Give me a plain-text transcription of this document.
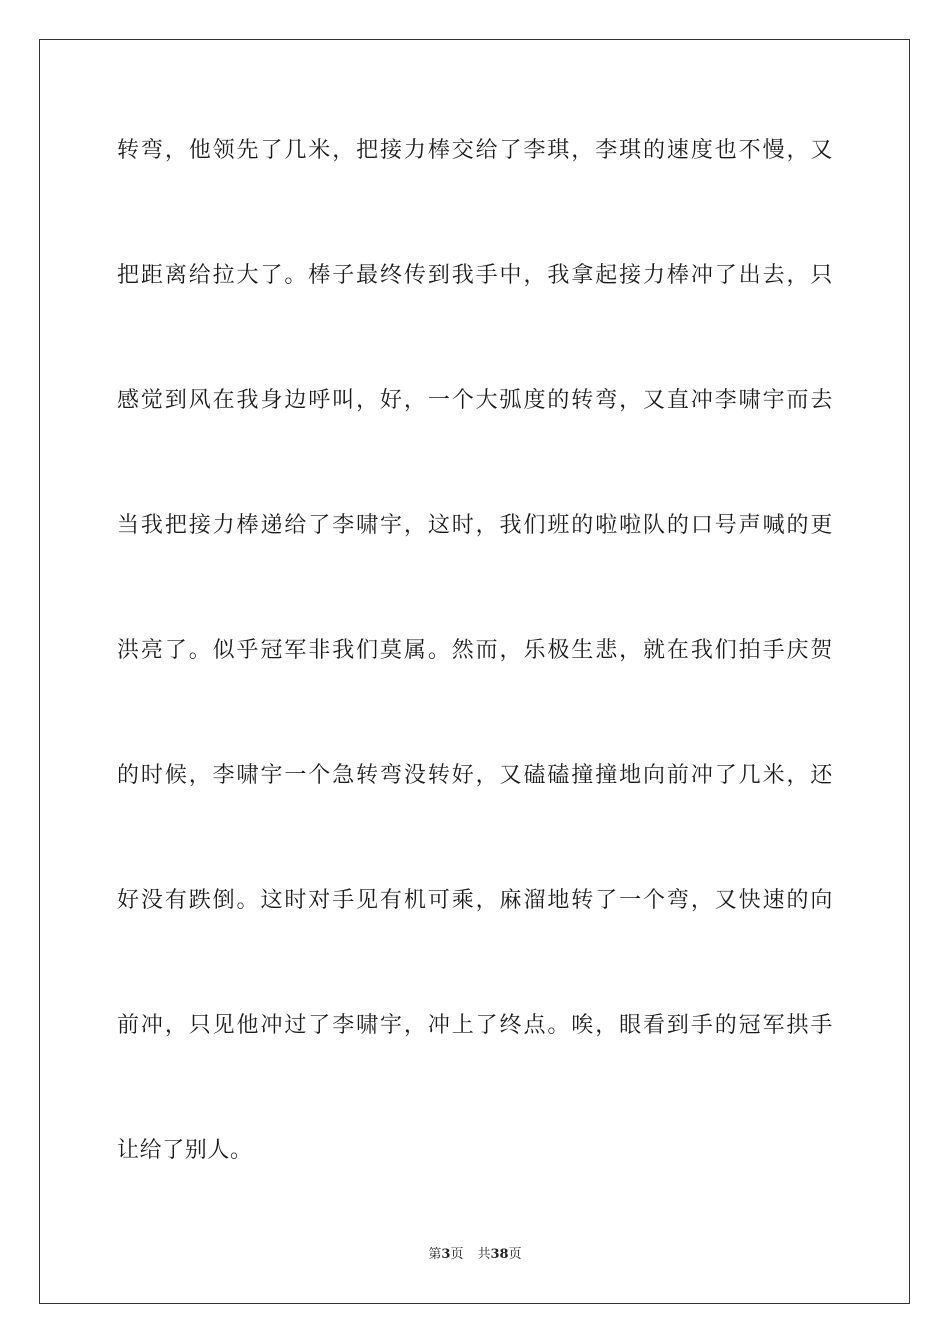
转弯，他领先了几米，把接力棒交给了李琪，李琪的速度也不慢，又
把距离给拉大了。棒子最终传到我手中，我拿起接力棒冲了出去，只
感觉到风在我身边呼叫，好，一个大弧度的转弯，又直冲李啸宇而去
当我把接力棒递给了李啸宇，这时，我们班的啦啦队的口号声喊的更
洪亮了。似乎冠军非我们莫属。然而，乐极生悲，就在我们拍手庆贺
的时候，李啸宇一个急转弯没转好，又磕磕撞撞地向前冲了几米，还
好没有跌倒。这时对手见有机可乘，麻溜地转了一个弯，又快速的向
前冲，只见他冲过了李啸宇，冲上了终点。唉，眼看到手的冠军拱手
让给了别人。
第3页 共38页
